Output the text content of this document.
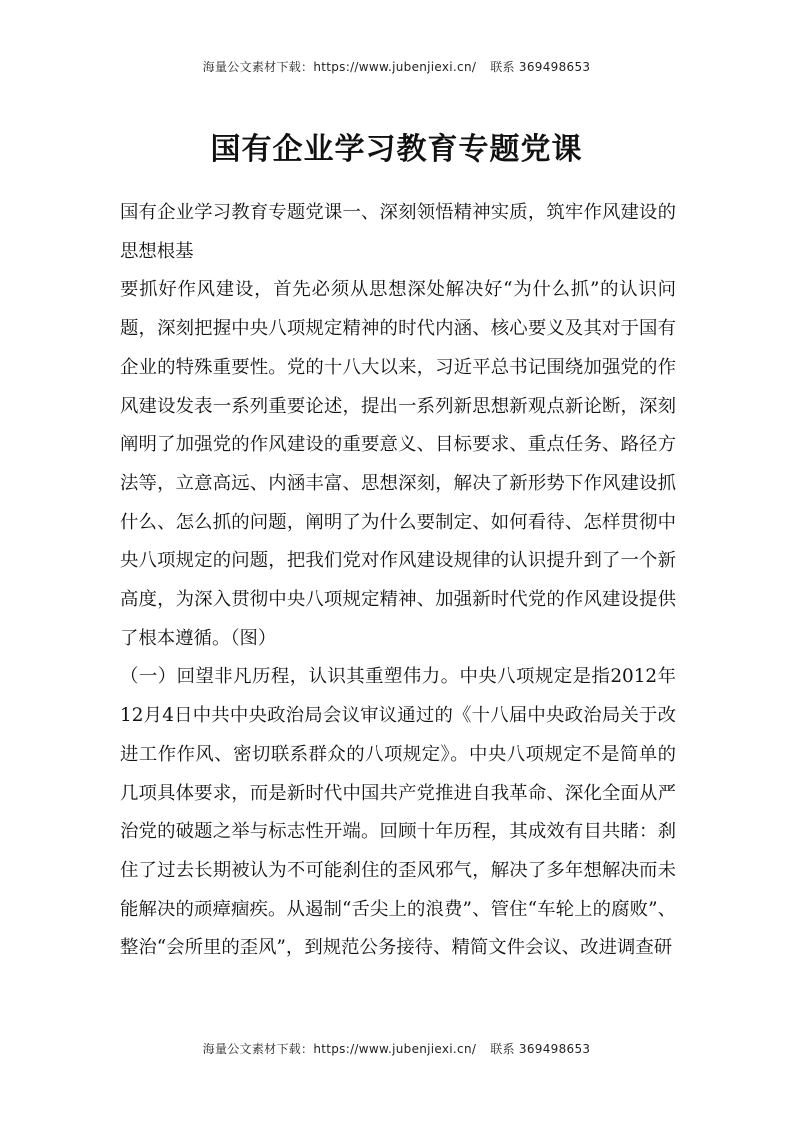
海量公文素材下载：https://www.jubenjiexi.cn/ 联系 369498653
国有企业学习教育专题党课

国有企业学习教育专题党课一、深刻领悟精神实质，筑牢作风建设的思想根基

要抓好作风建设，首先必须从思想深处解决好“为什么抓”的认识问题，深刻把握中央八项规定精神的时代内涵、核心要义及其对于国有企业的特殊重要性。党的十八大以来，习近平总书记围绕加强党的作风建设发表一系列重要论述，提出一系列新思想新观点新论断，深刻阐明了加强党的作风建设的重要意义、目标要求、重点任务、路径方法等，立意高远、内涵丰富、思想深刻，解决了新形势下作风建设抓什么、怎么抓的问题，阐明了为什么要制定、如何看待、怎样贯彻中央八项规定的问题，把我们党对作风建设规律的认识提升到了一个新高度，为深入贯彻中央八项规定精神、加强新时代党的作风建设提供了根本遵循。（图）

（一）回望非凡历程，认识其重塑伟力。中央八项规定是指2012年12月4日中共中央政治局会议审议通过的《十八届中央政治局关于改进工作作风、密切联系群众的八项规定》。中央八项规定不是简单的几项具体要求，而是新时代中国共产党推进自我革命、深化全面从严治党的破题之举与标志性开端。回顾十年历程，其成效有目共睹：刹住了过去长期被认为不可能刹住的歪风邪气，解决了多年想解决而未能解决的顽瘴痼疾。从遏制“舌尖上的浪费”、管住“车轮上的腐败”、整治“会所里的歪风”，到规范公务接待、精简文件会议、改进调查研

海量公文素材下载：https://www.jubenjiexi.cn/ 联系 369498653
